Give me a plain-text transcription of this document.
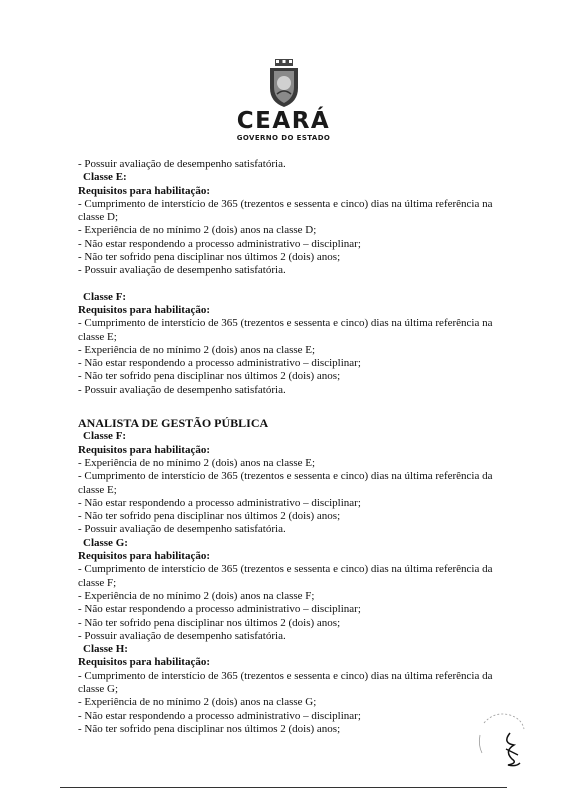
CEARÁ
GOVERNO DO ESTADO

- Possuir avaliação de desempenho satisfatória.

Classe E:

Requisitos para habilitação:

- Cumprimento de interstício de 365 (trezentos e sessenta e cinco) dias na última referência na classe D;

- Experiência de no mínimo 2 (dois) anos na classe D;

- Não estar respondendo a processo administrativo – disciplinar;

- Não ter sofrido pena disciplinar nos últimos 2 (dois) anos;

- Possuir avaliação de desempenho satisfatória.

Classe F:

Requisitos para habilitação:

- Cumprimento de interstício de 365 (trezentos e sessenta e cinco) dias na última referência na classe E;

- Experiência de no mínimo 2 (dois) anos na classe E;

- Não estar respondendo a processo administrativo – disciplinar;

- Não ter sofrido pena disciplinar nos últimos 2 (dois) anos;

- Possuir avaliação de desempenho satisfatória.

ANALISTA DE GESTÃO PÚBLICA

Classe F:

Requisitos para habilitação:

- Experiência de no mínimo 2 (dois) anos na classe E;

- Cumprimento de interstício de 365 (trezentos e sessenta e cinco) dias na última referência da classe E;

- Não estar respondendo a processo administrativo – disciplinar;

- Não ter sofrido pena disciplinar nos últimos 2 (dois) anos;

- Possuir avaliação de desempenho satisfatória.

Classe G:

Requisitos para habilitação:

- Cumprimento de interstício de 365 (trezentos e sessenta e cinco) dias na última referência da classe F;

- Experiência de no mínimo 2 (dois) anos na classe F;

- Não estar respondendo a processo administrativo – disciplinar;

- Não ter sofrido pena disciplinar nos últimos 2 (dois) anos;

- Possuir avaliação de desempenho satisfatória.

Classe H:

Requisitos para habilitação:

- Cumprimento de interstício de 365 (trezentos e sessenta e cinco) dias na última referência da classe G;

- Experiência de no mínimo 2 (dois) anos na classe G;

- Não estar respondendo a processo administrativo – disciplinar;

- Não ter sofrido pena disciplinar nos últimos 2 (dois) anos;
